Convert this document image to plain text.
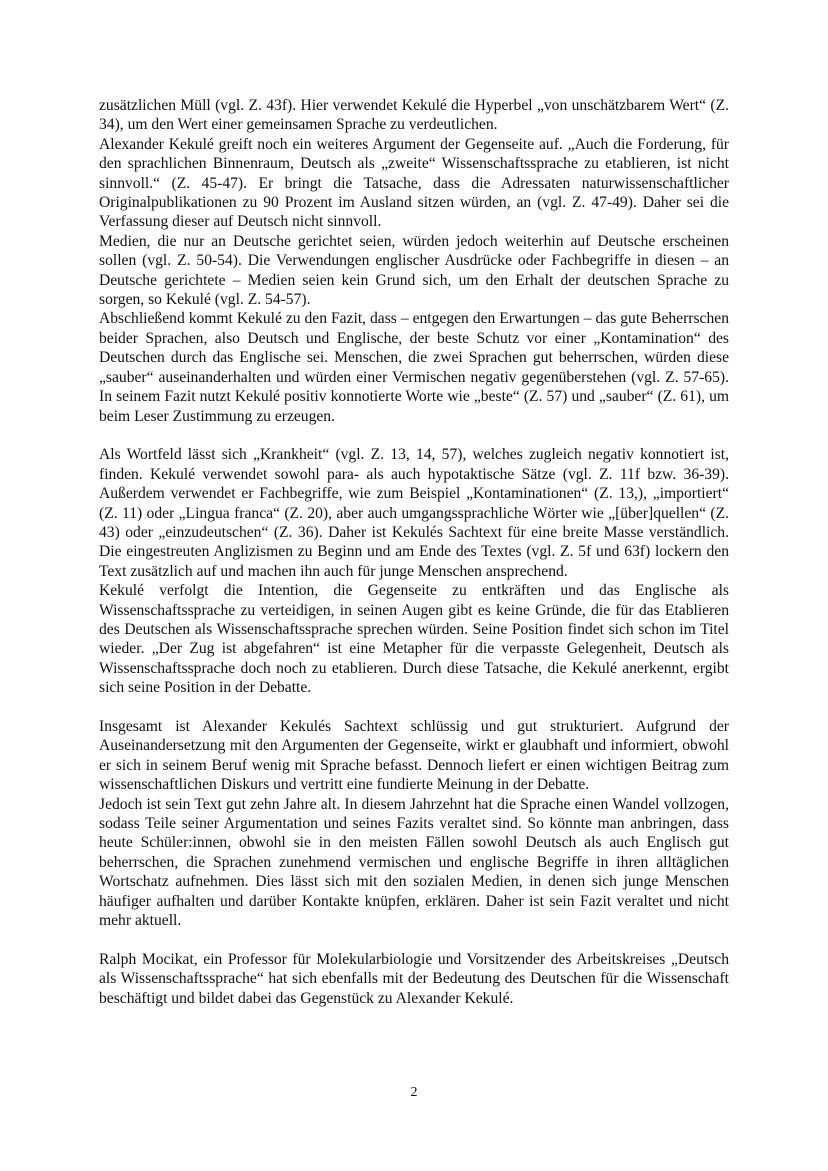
zusätzlichen Müll (vgl. Z. 43f). Hier verwendet Kekulé die Hyperbel „von unschätzbarem Wert“ (Z. 34), um den Wert einer gemeinsamen Sprache zu verdeutlichen.

Alexander Kekulé greift noch ein weiteres Argument der Gegenseite auf. „Auch die Forderung, für den sprachlichen Binnenraum, Deutsch als „zweite“ Wissenschaftssprache zu etablieren, ist nicht sinnvoll.“ (Z. 45-47). Er bringt die Tatsache, dass die Adressaten naturwissenschaftlicher Originalpublikationen zu 90 Prozent im Ausland sitzen würden, an (vgl. Z. 47-49). Daher sei die Verfassung dieser auf Deutsch nicht sinnvoll.

Medien, die nur an Deutsche gerichtet seien, würden jedoch weiterhin auf Deutsche erscheinen sollen (vgl. Z. 50-54). Die Verwendungen englischer Ausdrücke oder Fachbegriffe in diesen – an Deutsche gerichtete – Medien seien kein Grund sich, um den Erhalt der deutschen Sprache zu sorgen, so Kekulé (vgl. Z. 54-57).

Abschließend kommt Kekulé zu den Fazit, dass – entgegen den Erwartungen – das gute Beherrschen beider Sprachen, also Deutsch und Englische, der beste Schutz vor einer „Kontamination“ des Deutschen durch das Englische sei. Menschen, die zwei Sprachen gut beherrschen, würden diese „sauber“ auseinanderhalten und würden einer Vermischen negativ gegenüberstehen (vgl. Z. 57-65). In seinem Fazit nutzt Kekulé positiv konnotierte Worte wie „beste“ (Z. 57) und „sauber“ (Z. 61), um beim Leser Zustimmung zu erzeugen.

Als Wortfeld lässt sich „Krankheit“ (vgl. Z. 13, 14, 57), welches zugleich negativ konnotiert ist, finden. Kekulé verwendet sowohl para- als auch hypotaktische Sätze (vgl. Z. 11f bzw. 36-39). Außerdem verwendet er Fachbegriffe, wie zum Beispiel „Kontaminationen“ (Z. 13,), „importiert“ (Z. 11) oder „Lingua franca“ (Z. 20), aber auch umgangssprachliche Wörter wie „[über]quellen“ (Z. 43) oder „einzudeutschen“ (Z. 36). Daher ist Kekulés Sachtext für eine breite Masse verständlich. Die eingestreuten Anglizismen zu Beginn und am Ende des Textes (vgl. Z. 5f und 63f) lockern den Text zusätzlich auf und machen ihn auch für junge Menschen ansprechend.

Kekulé verfolgt die Intention, die Gegenseite zu entkräften und das Englische als Wissenschaftssprache zu verteidigen, in seinen Augen gibt es keine Gründe, die für das Etablieren des Deutschen als Wissenschaftssprache sprechen würden. Seine Position findet sich schon im Titel wieder. „Der Zug ist abgefahren“ ist eine Metapher für die verpasste Gelegenheit, Deutsch als Wissenschaftssprache doch noch zu etablieren. Durch diese Tatsache, die Kekulé anerkennt, ergibt sich seine Position in der Debatte.

Insgesamt ist Alexander Kekulés Sachtext schlüssig und gut strukturiert. Aufgrund der Auseinandersetzung mit den Argumenten der Gegenseite, wirkt er glaubhaft und informiert, obwohl er sich in seinem Beruf wenig mit Sprache befasst. Dennoch liefert er einen wichtigen Beitrag zum wissenschaftlichen Diskurs und vertritt eine fundierte Meinung in der Debatte.

Jedoch ist sein Text gut zehn Jahre alt. In diesem Jahrzehnt hat die Sprache einen Wandel vollzogen, sodass Teile seiner Argumentation und seines Fazits veraltet sind. So könnte man anbringen, dass heute Schüler:innen, obwohl sie in den meisten Fällen sowohl Deutsch als auch Englisch gut beherrschen, die Sprachen zunehmend vermischen und englische Begriffe in ihren alltäglichen Wortschatz aufnehmen. Dies lässt sich mit den sozialen Medien, in denen sich junge Menschen häufiger aufhalten und darüber Kontakte knüpfen, erklären. Daher ist sein Fazit veraltet und nicht mehr aktuell.

Ralph Mocikat, ein Professor für Molekularbiologie und Vorsitzender des Arbeitskreises „Deutsch als Wissenschaftssprache“ hat sich ebenfalls mit der Bedeutung des Deutschen für die Wissenschaft beschäftigt und bildet dabei das Gegenstück zu Alexander Kekulé.

2
